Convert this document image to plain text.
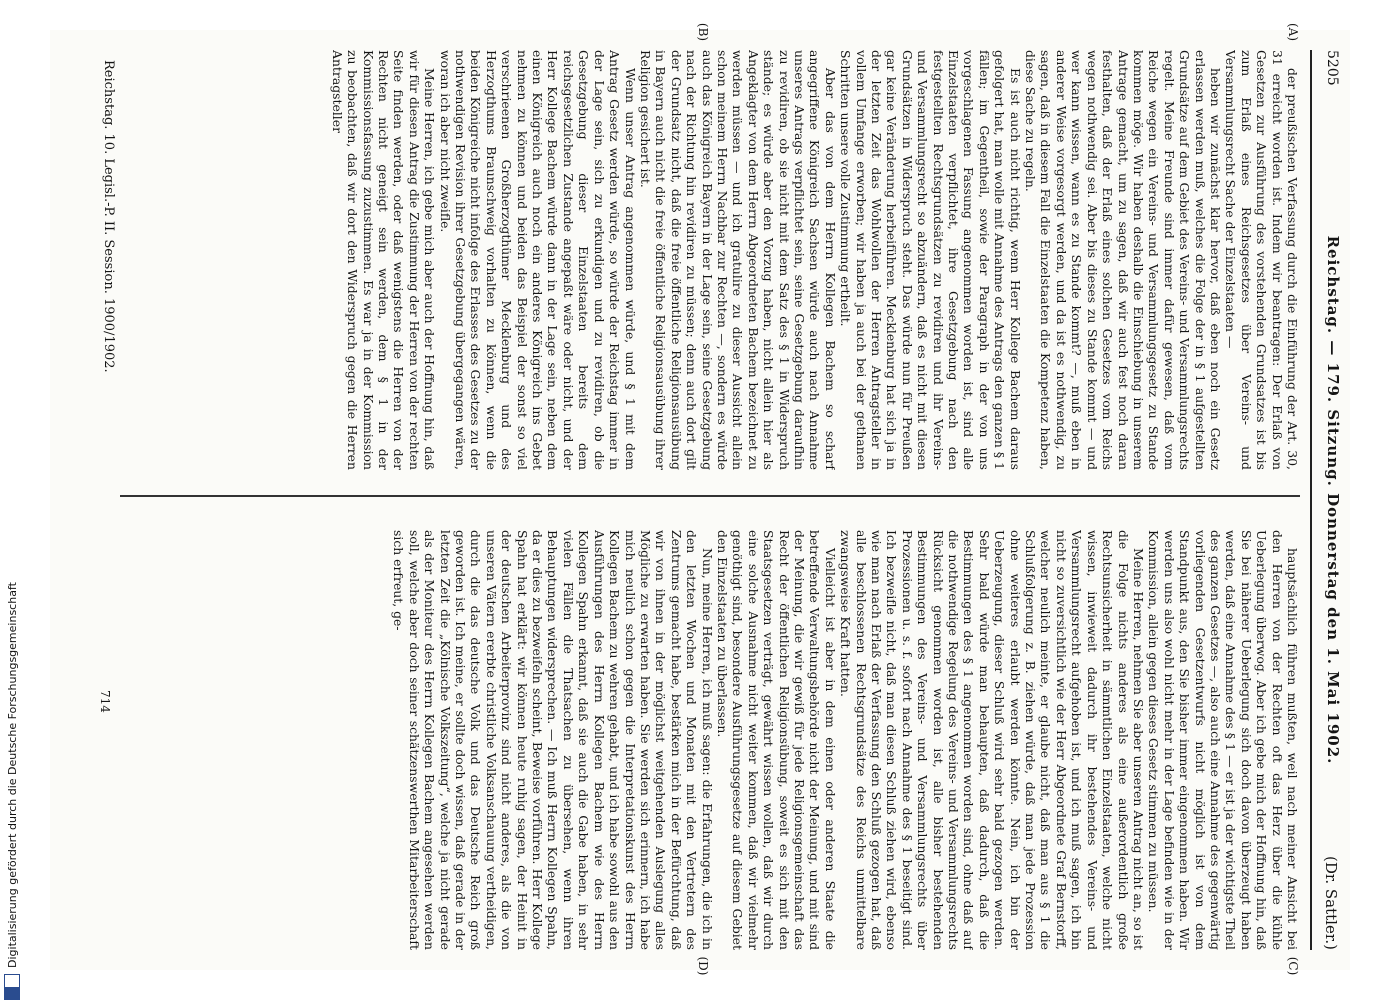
5205
Reichstag. — 179. Sitzung. Donnerstag den 1. Mai 1902.
(Dr. Sattler.)
(A)
(B)
(C)
(D)

der preußischen Verfassung durch die Einführung der Art. 30, 31 erreicht worden ist. Indem wir beantragen: Der Erlaß von Gesetzen zur Ausführung des vorstehenden Grundsatzes ist bis zum Erlaß eines Reichsgesetzes über Vereins- und Versammlungsrecht Sache der Einzelstaaten —

heben wir zunächst klar hervor, daß eben noch ein Gesetz erlassen werden muß, welches die Folge der in § 1 aufgestellten Grundsätze auf dem Gebiet des Vereins- und Versammlungsrechts regelt. Meine Freunde sind immer dafür gewesen, daß vom Reiche wegen ein Vereins- und Versammlungsgesetz zu Stande kommen möge. Wir haben deshalb die Einschiebung in unserem Antrage gemacht, um zu sagen, daß wir auch fest noch daran festhalten, daß der Erlaß eines solchen Gesetzes vom Reichs wegen nothwendig sei. Aber bis dieses zu Stande kommt — und wer kann wissen, wann es zu Stande kommt? —, muß eben in anderer Weise vorgesorgt werden, und da ist es nothwendig, zu sagen, daß in diesem Fall die Einzelstaaten die Kompetenz haben, diese Sache zu regeln.

Es ist auch nicht richtig, wenn Herr Kollege Bachem daraus gefolgert hat, man wolle mit Annahme des Antrags den ganzen § 1 fällen; im Gegentheil, sowie der Paragraph in der von uns vorgeschlagenen Fassung angenommen worden ist, sind alle Einzelstaaten verpflichtet, ihre Gesetzgebung nach den festgestellten Rechtsgrundsätzen zu revidiren und ihr Vereins- und Versammlungsrecht so abzuändern, daß es nicht mit diesen Grundsätzen in Widerspruch steht. Das würde nun für Preußen gar keine Veränderung herbeiführen. Mecklenburg hat sich ja in der letzten Zeit das Wohlwollen der Herren Antragsteller in vollem Umfange erworben; wir haben ja auch bei der gethanen Schritten unsere volle Zustimmung ertheilt.

Aber das von dem Herrn Kollegen Bachem so scharf angegriffene Königreich Sachsen würde auch nach Annahme unseres Antrags verpflichtet sein, seine Gesetzgebung daraufhin zu revidiren, ob sie nicht mit dem Satz des § 1 in Widerspruch stände; es würde aber den Vorzug haben, nicht allein hier als Angeklagter von dem Herrn Abgeordneten Bachem bezeichnet zu werden müssen — und ich gratulire zu dieser Aussicht allein schon meinem Herrn Nachbar zur Rechten —, sondern es würde auch das Königreich Bayern in der Lage sein, seine Gesetzgebung nach der Richtung hin revidiren zu müssen; denn auch dort gilt der Grundsatz nicht, daß die freie öffentliche Religionsausübung in Bayern auch nicht die freie öffentliche Religionsausübung ihrer Religion gesichert ist.

Wenn unser Antrag angenommen würde, und § 1 mit dem Antrag Gesetz werden würde, so würde der Reichstag immer in der Lage sein, sich zu erkundigen und zu revidiren, ob die Gesetzgebung dieser Einzelstaaten bereits dem reichsgesetzlichen Zustande angepaßt wäre oder nicht, und der Herr Kollege Bachem würde dann in der Lage sein, neben dem einen Königreich auch noch ein anderes Königreich ins Gebet nehmen zu können und beiden das Beispiel der sonst so viel verschrieenen Großherzogthümer Mecklenburg und des Herzogthums Braunschweig vorhalten zu können, wenn die beiden Königreiche nicht infolge des Erlasses des Gesetzes zu der nothwendigen Revision ihrer Gesetzgebung übergegangen wären, woran ich aber nicht zweifle.

Meine Herren, ich gebe mich aber auch der Hoffnung hin, daß wir für diesen Antrag die Zustimmung der Herren von der rechten Seite finden werden, oder daß wenigstens die Herren von der Rechten nicht geneigt sein werden, dem § 1 in der Kommissionsfassung zuzustimmen. Es war ja in der Kommission zu beobachten, daß wir dort den Widerspruch gegen die Herren Antragsteller

hauptsächlich führen mußten, weil nach meiner Ansicht bei den Herren von der Rechten oft das Herz über die kühle Ueberlegung überwog. Aber ich gebe mich der Hoffnung hin, daß Sie bei näherer Ueberlegung sich doch davon überzeugt haben werden, daß eine Annahme des § 1 — er ist ja der wichtigste Theil des ganzen Gesetzes —, also auch eine Annahme des gegenwärtig vorliegenden Gesetzentwurfs nicht möglich ist von dem Standpunkt aus, den Sie bisher immer eingenommen haben. Wir werden uns also wohl nicht mehr in der Lage befinden wie in der Kommission, allein gegen dieses Gesetz stimmen zu müssen.

Meine Herren, nehmen Sie aber unseren Antrag nicht an, so ist die Folge nichts anderes als eine außerordentlich große Rechtsunsicherheit in sämmtlichen Einzelstaaten, welche nicht wissen, inwieweit dadurch ihr bestehendes Vereins- und Versammlungsrecht aufgehoben ist, und ich muß sagen, ich bin nicht so zuversichtlich wie der Herr Abgeordnete Graf Bernstorff, welcher neulich meinte, er glaube nicht, daß man aus § 1 die Schlußfolgerung z. B. ziehen würde, daß man jede Prozession ohne weiteres erlaubt werden könnte. Nein, ich bin der Ueberzeugung, dieser Schluß wird sehr bald gezogen werden. Sehr bald würde man behaupten, daß dadurch, daß die Bestimmungen des § 1 angenommen worden sind, ohne daß auf die nothwendige Regelung des Vereins- und Versammlungsrechts Rücksicht genommen worden ist, alle bisher bestehenden Bestimmungen des Vereins- und Versammlungsrechts über Prozessionen u. s. f. sofort nach Annahme des § 1 beseitigt sind. Ich bezweifle nicht, daß man diesen Schluß ziehen wird, ebenso wie man nach Erlaß der Verfassung den Schluß gezogen hat, daß alle beschlossenen Rechtsgrundsätze des Reichs unmittelbare zwangsweise Kraft hatten.

Vielleicht ist aber in dem einen oder anderen Staate die betreffende Verwaltungsbehörde nicht der Meinung, und mit sind der Meinung, die wir gewiß für jede Religionsgemeinschaft das Recht der öffentlichen Religionsübung, soweit es sich mit den Staatsgesetzen verträgt, gewährt wissen wollen, daß wir durch eine solche Ausnahme nicht weiter kommen, daß wir vielmehr genöthigt sind, besondere Ausführungsgesetze auf diesem Gebiet den Einzelstaaten zu überlassen.

Nun, meine Herren, ich muß sagen: die Erfahrungen, die ich in den letzten Wochen und Monaten mit den Vertretern des Zentrums gemacht habe, bestärken mich in der Befürchtung, daß wir von ihnen in der möglichst weitgehenden Auslegung alles Mögliche zu erwarten haben. Sie werden sich erinnern, ich habe mich neulich schon gegen die Interpretationskunst des Herrn Kollegen Bachem zu wehren gehabt, und ich habe sowohl aus den Ausführungen des Herrn Kollegen Bachem wie des Herrn Kollegen Spahn erkannt, daß sie auch die Gabe haben, in sehr vielen Fällen die Thatsachen zu übersehen, wenn ihren Behauptungen widersprechen. — Ich muß Herrn Kollegen Spahn, da er dies zu bezweifeln scheint, Beweise vorführen. Herr Kollege Spahn hat erklärt: wir können heute ruhig sagen, der Heinit in der deutschen Arbeiterprovinz sind nicht anderes, als die von unseren Vätern ererbte christliche Volksanschauung vertheidigen, durch die das deutsche Volk und das Deutsche Reich groß geworden ist. Ich meine, er sollte doch wissen, daß gerade in der letzten Zeit die „Kölnische Volkszeitung“, welche ja nicht gerade als der Moniteur des Herrn Kollegen Bachem angesehen werden soll, welche aber doch seiner schätzenswerthen Mitarbeiterschaft sich erfreut, ge-

Reichstag. 10. Legisl.-P. II. Session. 1900/1902.
714
Digitalisierung gefördert durch die Deutsche Forschungsgemeinschaft
